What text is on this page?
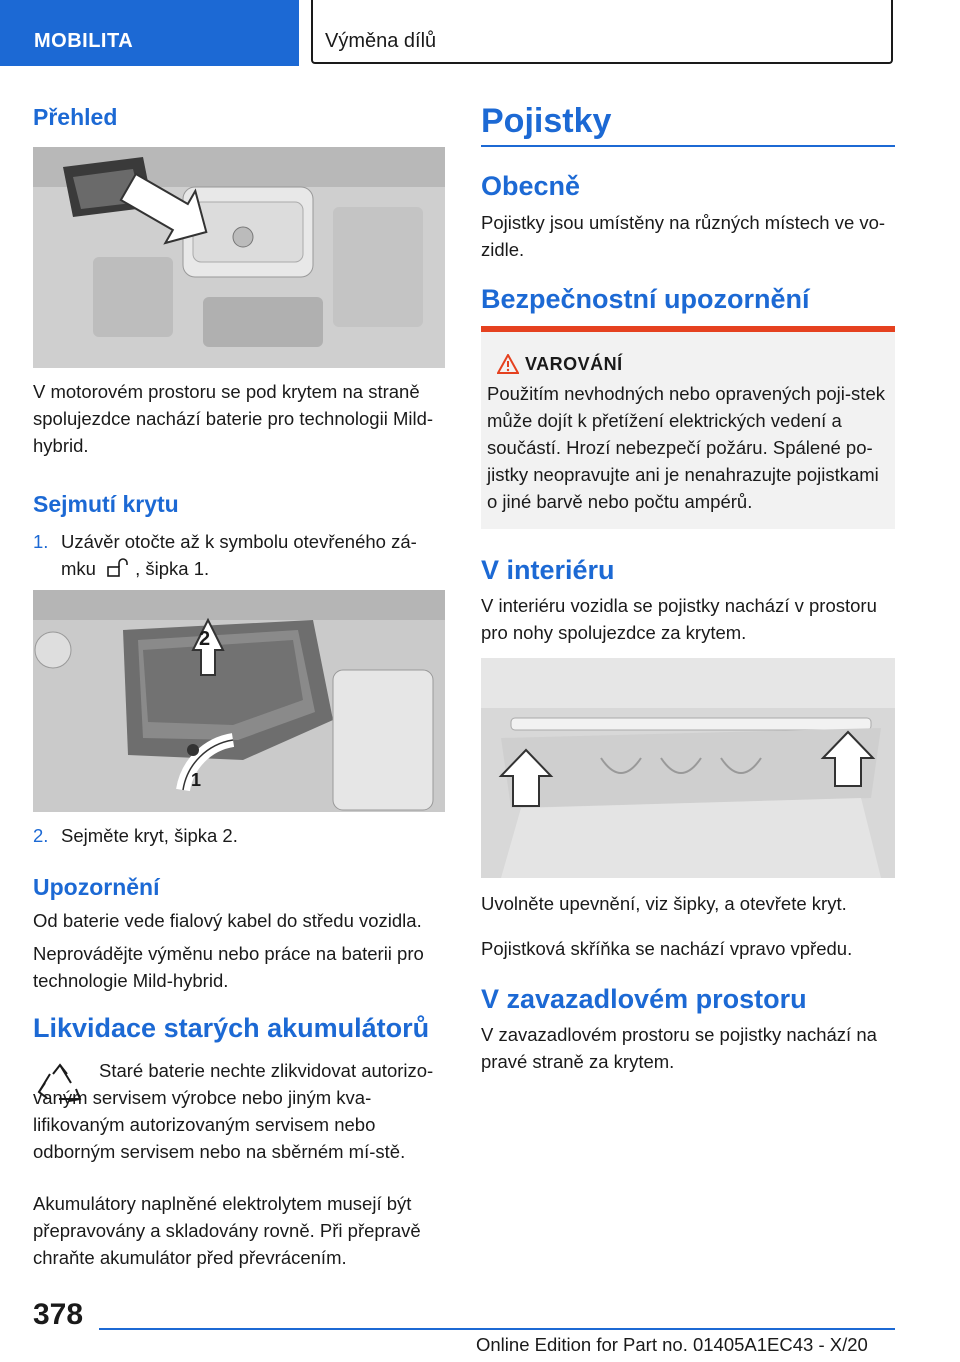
MOBILITA	Výměna dílů
Přehled
V motorovém prostoru se pod krytem na straně spolujezdce nachází baterie pro technologii Mild-hybrid.
Sejmutí krytu
1. Uzávěr otočte až k symbolu otevřeného zá-
mku , šipka 1.
2
1
2. Sejměte kryt, šipka 2.
Upozornění
Od baterie vede fialový kabel do středu vozidla.
Neprovádějte výměnu nebo práce na baterii pro technologie Mild-hybrid.
Likvidace starých akumulátorů
Staré baterie nechte zlikvidovat autorizo-vaným servisem výrobce nebo jiným kva-lifikovaným autorizovaným servisem nebo odborným servisem nebo na sběrném mí-stě.
Akumulátory naplněné elektrolytem musejí být přepravovány a skladovány rovně. Při přepravě chraňte akumulátor před převrácením.
Pojistky
Obecně
Pojistky jsou umístěny na různých místech ve vo-zidle.
Bezpečnostní upozornění
VAROVÁNÍ
Použitím nevhodných nebo opravených poji-stek může dojít k přetížení elektrických vedení a součástí. Hrozí nebezpečí požáru. Spálené po-jistky neopravujte ani je nenahrazujte pojistkami o jiné barvě nebo počtu ampérů.
V interiéru
V interiéru vozidla se pojistky nachází v prostoru pro nohy spolujezdce za krytem.
Uvolněte upevnění, viz šipky, a otevřete kryt.
Pojistková skříňka se nachází vpravo vpředu.
V zavazadlovém prostoru
V zavazadlovém prostoru se pojistky nachází na pravé straně za krytem.
378
Online Edition for Part no. 01405A1EC43 - X/20
